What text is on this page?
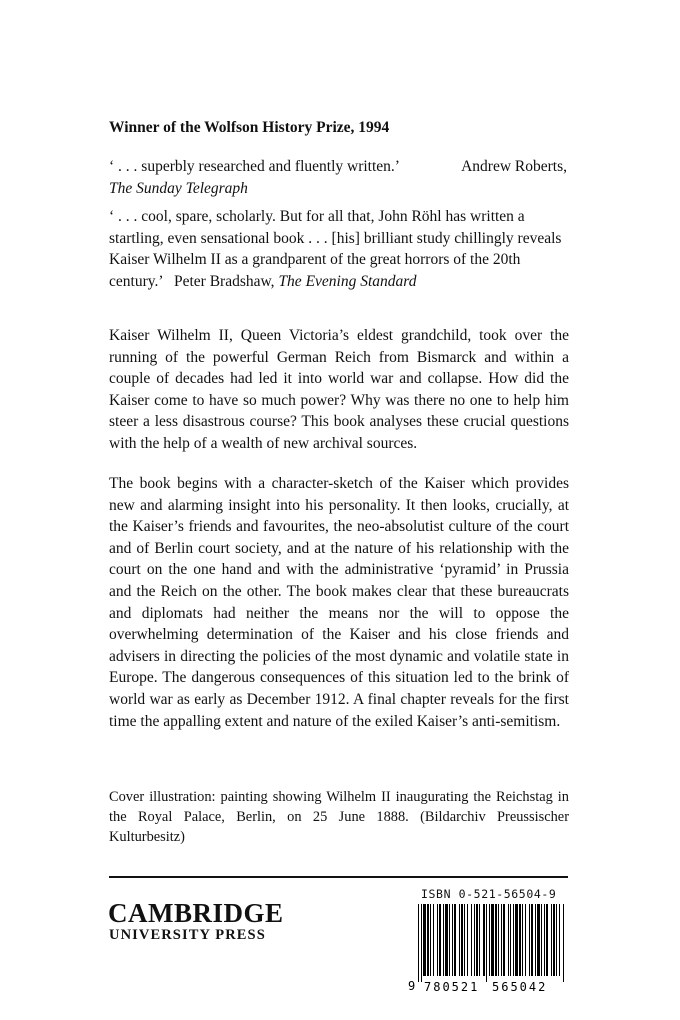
Winner of the Wolfson History Prize, 1994
‘ . . . superbly researched and fluently written.’	Andrew Roberts,

The Sunday Telegraph
‘ . . . cool, spare, scholarly. But for all that, John Röhl has written a startling, even sensational book . . . [his] brilliant study chillingly reveals Kaiser Wilhelm II as a grandparent of the great horrors of the 20th century.’ Peter Bradshaw, The Evening Standard
Kaiser Wilhelm II, Queen Victoria’s eldest grandchild, took over the running of the powerful German Reich from Bismarck and within a couple of decades had led it into world war and collapse. How did the Kaiser come to have so much power? Why was there no one to help him steer a less disastrous course? This book analyses these crucial questions with the help of a wealth of new archival sources.
The book begins with a character-sketch of the Kaiser which provides new and alarming insight into his personality. It then looks, crucially, at the Kaiser’s friends and favourites, the neo-absolutist culture of the court and of Berlin court society, and at the nature of his relationship with the court on the one hand and with the administrative ‘pyramid’ in Prussia and the Reich on the other. The book makes clear that these bureaucrats and diplomats had neither the means nor the will to oppose the overwhelming determination of the Kaiser and his close friends and advisers in directing the policies of the most dynamic and volatile state in Europe. The dangerous consequences of this situation led to the brink of world war as early as December 1912. A final chapter reveals for the first time the appalling extent and nature of the exiled Kaiser’s anti-semitism.
Cover illustration: painting showing Wilhelm II inaugurating the Reichstag in the Royal Palace, Berlin, on 25 June 1888. (Bildarchiv Preussischer Kulturbesitz)
CAMBRIDGE
UNIVERSITY PRESS
ISBN 0-521-56504-9
9 780521 565042
